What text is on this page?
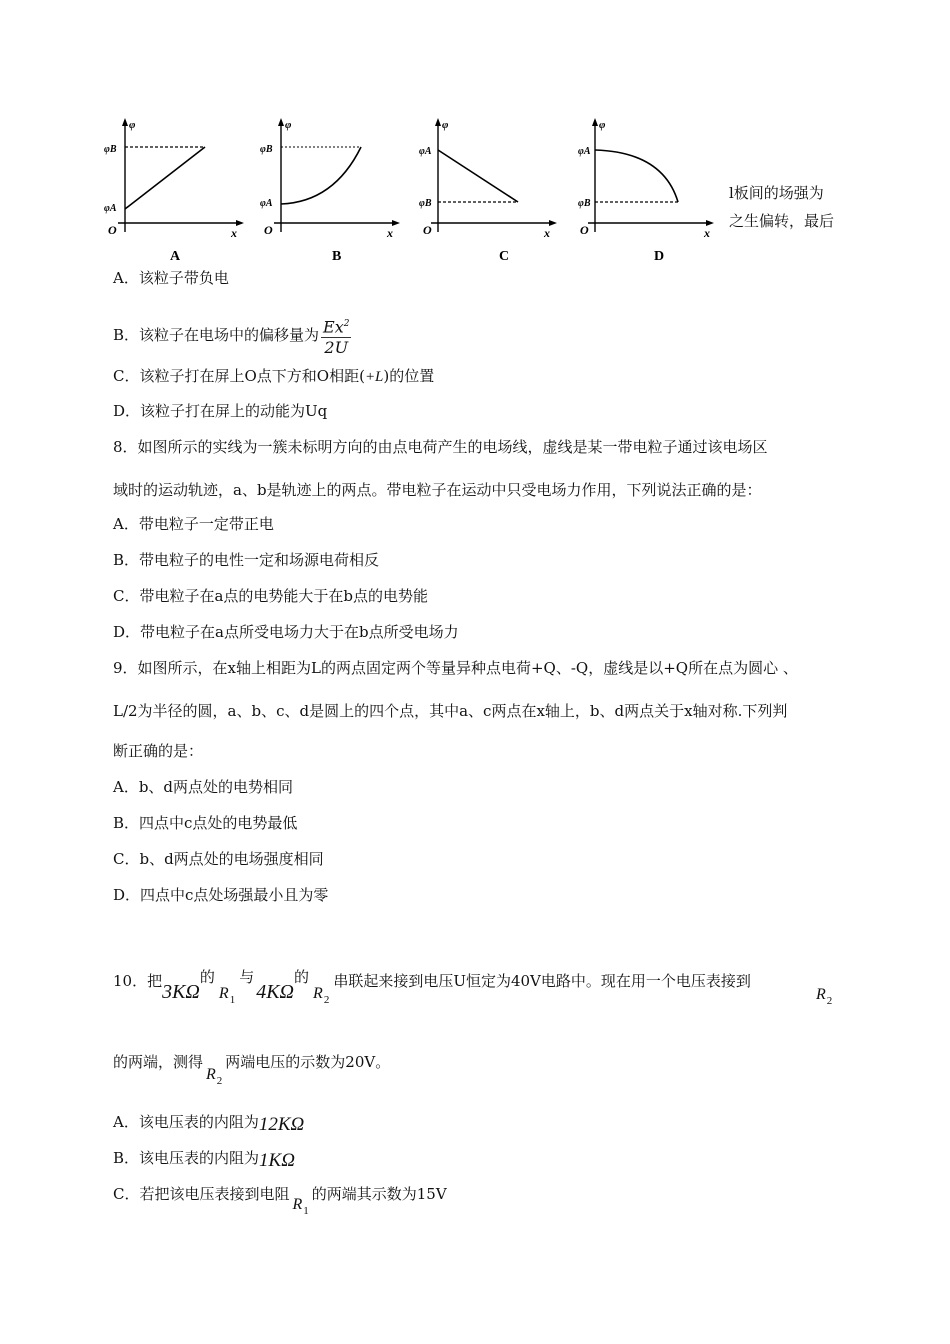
φ
φB
φA
O	x
A
φ
φB
φA
O	x
B
φ
φA
φB
O	x
C
φ
φA
φB
O	x
D
l板间的场强为
之生偏转，最后
A．该粒子带负电
B．该粒子在电场中的偏移量为 $\frac{Ex^2}{2U}$
C．该粒子打在屏上O点下方和O相距(+L)的位置
D．该粒子打在屏上的动能为Uq
8．如图所示的实线为一簇未标明方向的由点电荷产生的电场线，虚线是某一带电粒子通过该电场区
域时的运动轨迹，a、b是轨迹上的两点。带电粒子在运动中只受电场力作用，下列说法正确的是：
A．带电粒子一定带正电
B．带电粒子的电性一定和场源电荷相反
C．带电粒子在a点的电势能大于在b点的电势能
D．带电粒子在a点所受电场力大于在b点所受电场力
9．如图所示，在x轴上相距为L的两点固定两个等量异种点电荷+Q、-Q，虚线是以+Q所在点为圆心 、
L/2为半径的圆，a、b、c、d是圆上的四个点，其中a、c两点在x轴上，b、d两点关于x轴对称.下列判
断正确的是：
A．b、d两点处的电势相同
B．四点中c点处的电势最低
C．b、d两点处的电场强度相同
D．四点中c点处场强最小且为零
10．把3KΩ的$R_1$与4KΩ的$R_2$串联起来接到电压U恒定为40V电路中。现在用一个电压表接到
$R_2$
的两端，测得$R_2$两端电压的示数为20V。
A．该电压表的内阻为12KΩ
B．该电压表的内阻为1KΩ
C．若把该电压表接到电阻$R_1$的两端其示数为15V
